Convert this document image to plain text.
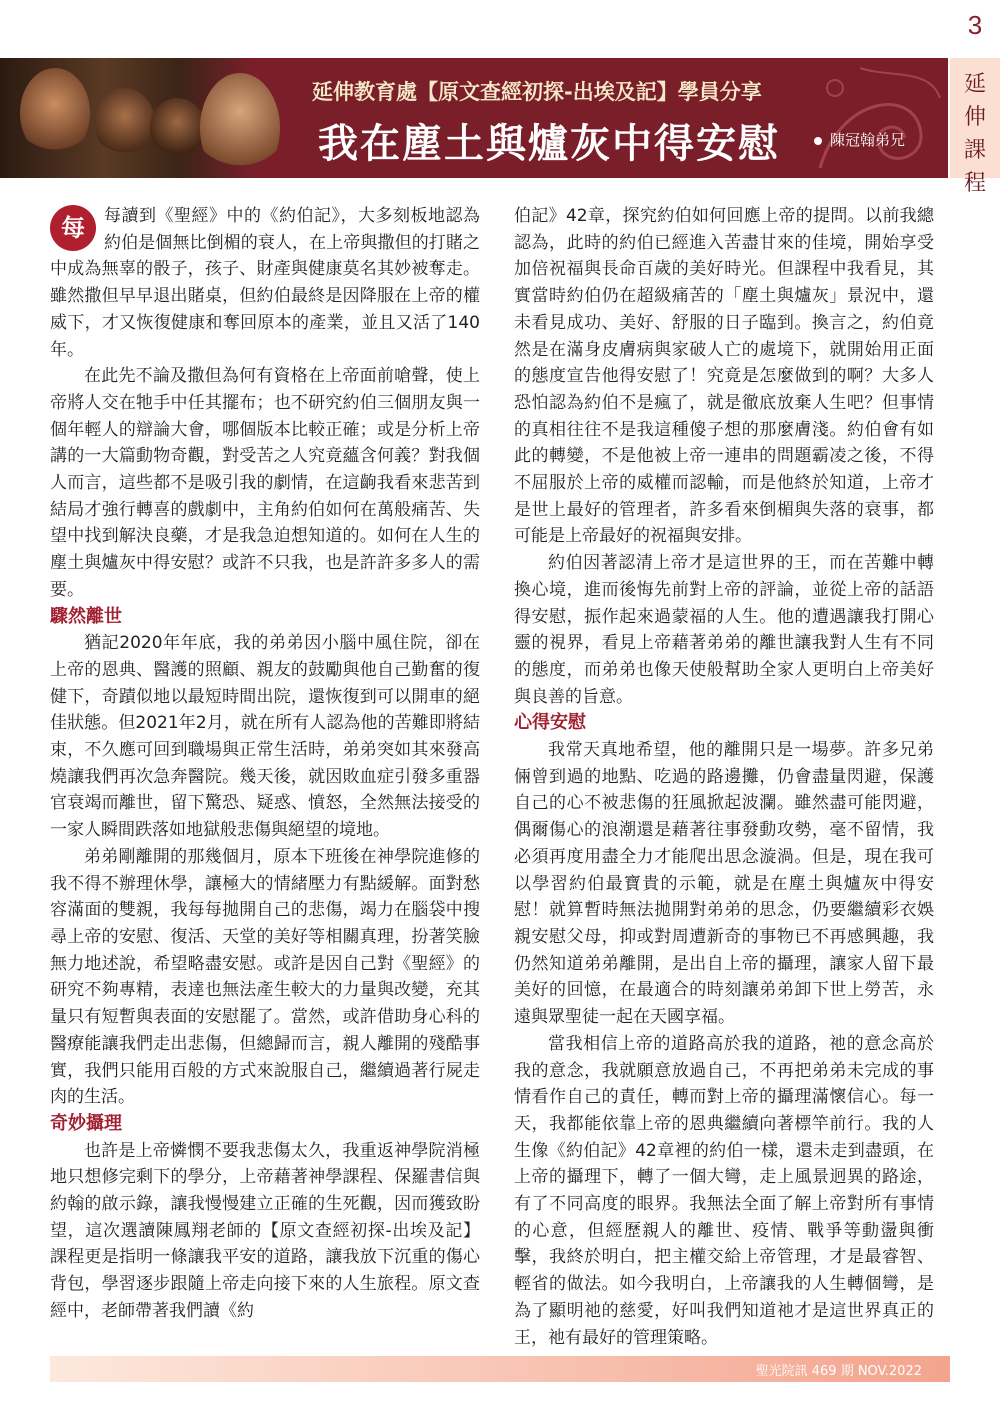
3
延伸教育處【原文查經初探-出埃及記】學員分享
我在塵土與爐灰中得安慰	陳冠翰弟兄
延
伸
課
程
每	每讀到《聖經》中的《約伯記》，大多刻板地認為約伯是個無比倒楣的衰人，在上帝與撒但的打賭之中成為無辜的骰子，孩子、財產與健康莫名其妙被奪走。雖然撒但早早退出賭桌，但約伯最終是因降服在上帝的權威下，才又恢復健康和奪回原本的產業，並且又活了140年。

在此先不論及撒但為何有資格在上帝面前嗆聲，使上帝將人交在牠手中任其擺布；也不研究約伯三個朋友與一個年輕人的辯論大會，哪個版本比較正確；或是分析上帝講的一大篇動物奇觀，對受苦之人究竟蘊含何義？對我個人而言，這些都不是吸引我的劇情，在這齣我看來悲苦到結局才強行轉喜的戲劇中，主角約伯如何在萬般痛苦、失望中找到解決良藥，才是我急迫想知道的。如何在人生的塵土與爐灰中得安慰？或許不只我，也是許許多多人的需要。

驟然離世

猶記2020年年底，我的弟弟因小腦中風住院，卻在上帝的恩典、醫護的照顧、親友的鼓勵與他自己勤奮的復健下，奇蹟似地以最短時間出院，還恢復到可以開車的絕佳狀態。但2021年2月，就在所有人認為他的苦難即將結束，不久應可回到職場與正常生活時，弟弟突如其來發高燒讓我們再次急奔醫院。幾天後，就因敗血症引發多重器官衰竭而離世，留下驚恐、疑惑、憤怒，全然無法接受的一家人瞬間跌落如地獄般悲傷與絕望的境地。

弟弟剛離開的那幾個月，原本下班後在神學院進修的我不得不辦理休學，讓極大的情緒壓力有點緩解。面對愁容滿面的雙親，我每每拋開自己的悲傷，竭力在腦袋中搜尋上帝的安慰、復活、天堂的美好等相關真理，扮著笑臉無力地述說，希望略盡安慰。或許是因自己對《聖經》的研究不夠專精，表達也無法產生較大的力量與改變，充其量只有短暫與表面的安慰罷了。當然，或許借助身心科的醫療能讓我們走出悲傷，但總歸而言，親人離開的殘酷事實，我們只能用百般的方式來說服自己，繼續過著行屍走肉的生活。

奇妙攝理

也許是上帝憐憫不要我悲傷太久，我重返神學院消極地只想修完剩下的學分，上帝藉著神學課程、保羅書信與約翰的啟示錄，讓我慢慢建立正確的生死觀，因而獲致盼望，這次選讀陳鳳翔老師的【原文查經初探-出埃及記】課程更是指明一條讓我平安的道路，讓我放下沉重的傷心背包，學習逐步跟隨上帝走向接下來的人生旅程。原文查經中，老師帶著我們讀《約

伯記》42章，探究約伯如何回應上帝的提問。以前我總認為，此時的約伯已經進入苦盡甘來的佳境，開始享受加倍祝福與長命百歲的美好時光。但課程中我看見，其實當時約伯仍在超級痛苦的「塵土與爐灰」景況中，還未看見成功、美好、舒服的日子臨到。換言之，約伯竟然是在滿身皮膚病與家破人亡的處境下，就開始用正面的態度宣告他得安慰了！究竟是怎麼做到的啊？大多人恐怕認為約伯不是瘋了，就是徹底放棄人生吧？但事情的真相往往不是我這種傻子想的那麼膚淺。約伯會有如此的轉變，不是他被上帝一連串的問題霸凌之後，不得不屈服於上帝的威權而認輸，而是他終於知道，上帝才是世上最好的管理者，許多看來倒楣與失落的衰事，都可能是上帝最好的祝福與安排。

約伯因著認清上帝才是這世界的王，而在苦難中轉換心境，進而後悔先前對上帝的評論，並從上帝的話語得安慰，振作起來過蒙福的人生。他的遭遇讓我打開心靈的視界，看見上帝藉著弟弟的離世讓我對人生有不同的態度，而弟弟也像天使般幫助全家人更明白上帝美好與良善的旨意。

心得安慰

我常天真地希望，他的離開只是一場夢。許多兄弟倆曾到過的地點、吃過的路邊攤，仍會盡量閃避，保護自己的心不被悲傷的狂風掀起波瀾。雖然盡可能閃避，偶爾傷心的浪潮還是藉著往事發動攻勢，毫不留情，我必須再度用盡全力才能爬出思念漩渦。但是，現在我可以學習約伯最寶貴的示範，就是在塵土與爐灰中得安慰！就算暫時無法拋開對弟弟的思念，仍要繼續彩衣娛親安慰父母，抑或對周遭新奇的事物已不再感興趣，我仍然知道弟弟離開，是出自上帝的攝理，讓家人留下最美好的回憶，在最適合的時刻讓弟弟卸下世上勞苦，永遠與眾聖徒一起在天國享福。

當我相信上帝的道路高於我的道路，祂的意念高於我的意念，我就願意放過自己，不再把弟弟未完成的事情看作自己的責任，轉而對上帝的攝理滿懷信心。每一天，我都能依靠上帝的恩典繼續向著標竿前行。我的人生像《約伯記》42章裡的約伯一樣，還未走到盡頭，在上帝的攝理下，轉了一個大彎，走上風景迥異的路途，有了不同高度的眼界。我無法全面了解上帝對所有事情的心意，但經歷親人的離世、疫情、戰爭等動盪與衝擊，我終於明白，把主權交給上帝管理，才是最睿智、輕省的做法。如今我明白，上帝讓我的人生轉個彎，是為了顯明祂的慈愛，好叫我們知道祂才是這世界真正的王，祂有最好的管理策略。

聖光院訊 469 期 NOV.2022
